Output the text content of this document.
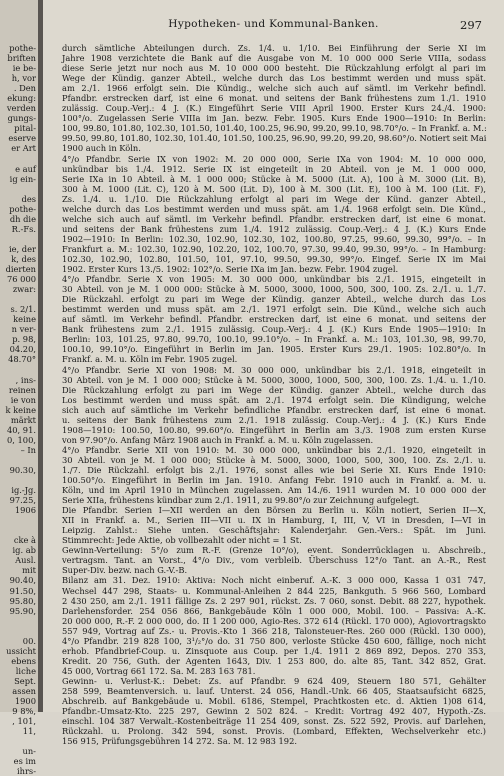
pothe-
briften
ie be-
h, vor
. Den
ekung:
verden
gungs-
pital-
eserve
er Art

e auf
ig ein-

des
pothe-
dh die
R.-Fs.

ie, der
k, des
dierten
76 000
zwar:

s. 2/1.
keine
n ver-
p. 98,
04.20,
48.70°

, ins-
reinen
ie von
k keine
märkt
40, 91.
0, 100,
– In

90.30,

ig.-Jg.
97.25,
1906

cke à
ig. ab
Ausl.
mit
90.40,
91.50,
95.80,
95.90,

00.
ussicht
ebens
liche
Sept.
assen
1900
9 8%,
, 101,
11,

un-
es im
ihrs-
Hypotheken- und Kommunal-Banken.	297
durch sämtliche Abteilungen durch. Zs. 1/4. u. 1/10. Bei Einführung der Serie XI im
Jahre 1908 verzichtete die Bank auf die Ausgabe von M. 10 000 000 Serie VIIIa, sodass
diese Serie jetzt nur noch aus M. 10 000 000 besteht. Die Rückzahlung erfolgt al pari im
Wege der Kündig. ganzer Abteil., welche durch das Los bestimmt werden und muss spät.
am 2./1. 1966 erfolgt sein. Die Kündig., welche sich auch auf sämtl. im Verkehr befindl.
Pfandbr. erstrecken darf, ist eine 6 monat. und seitens der Bank frühestens zum 1./1. 1910
zulässig. Coup.-Verj.: 4 J. (K.) Eingeführt Serie VIII April 1900. Erster Kurs 24./4. 1900:
100°/o. Zugelassen Serie VIIIa im Jan. bezw. Febr. 1905. Kurs Ende 1900—1910: In Berlin:
100, 99.80, 101.80, 102.30, 101.50, 101.40, 100.25, 96.90, 99.20, 99.10, 98.70°/o. – In Frankf. a. M.:
99.50, 99.80, 101.80, 102.30, 101.40, 101.50, 100.25, 96.90, 99.20, 99.20, 98.60°/o. Notiert seit Mai
1900 auch in Köln.
4°/o Pfandbr. Serie IX von 1902: M. 20 000 000, Serie IXa von 1904: M. 10 000 000,
unkündbar bis 1./4. 1912. Serie IX ist eingeteilt in 20 Abteil. von je M. 1 000 000,
Serie IXa in 10 Abteil. à M. 1 000 000; Stücke à M. 5000 (Lit. A), 100 à M. 3000 (Lit. B),
300 à M. 1000 (Lit. C), 120 à M. 500 (Lit. D), 100 à M. 300 (Lit. E), 100 à M. 100 (Lit. F),
Zs. 1./4. u. 1./10. Die Rückzahlung erfolgt al pari im Wege der Künd. ganzer Abteil.,
welche durch das Los bestimmt werden und muss spät. am 1./4. 1968 erfolgt sein. Die Künd.,
welche sich auch auf sämtl. im Verkehr befindl. Pfandbr. erstrecken darf, ist eine 6 monat.
und seitens der Bank frühestens zum 1./4. 1912 zulässig. Coup.-Verj.: 4 J. (K.) Kurs Ende
1902—1910: In Berlin: 102.30, 102.90, 102.30, 102, 100.80, 97.25, 99.60, 99.30, 99°/o. – In
Frankfurt a. M.: 102.30, 102.90, 102.20, 102, 100.70, 97.30, 99.40, 99.30, 99°/o. – In Hamburg:
102.30, 102.90, 102.80, 101.50, 101, 97.10, 99.50, 99.30, 99°/o. Eingef. Serie IX im Mai
1902. Erster Kurs 13./5. 1902: 102°/o. Serie IXa im Jan. bezw. Febr. 1904 zugel.
4°/o Pfandbr. Serie X von 1905: M. 30 000 000, unkündbar bis 2./1. 1915, eingeteilt in
30 Abteil. von je M. 1 000 000: Stücke à M. 5000, 3000, 1000, 500, 300, 100. Zs. 2./1. u. 1./7.
Die Rückzahl. erfolgt zu pari im Wege der Kündig. ganzer Abteil., welche durch das Los
bestimmt werden und muss spät. am 2./1. 1971 erfolgt sein. Die Künd., welche sich auch
auf sämtl. im Verkehr befindl. Pfandbr. erstrecken darf, ist eine 6 monat. und seitens der
Bank frühestens zum 2./1. 1915 zulässig. Coup.-Verj.: 4 J. (K.) Kurs Ende 1905—1910: In
Berlin: 103, 101.25, 97.80, 99.70, 100.10, 99.10°/o. – In Frankf. a. M.: 103, 101.30, 98, 99.70,
100.10, 99.10°/o. Eingeführt in Berlin im Jan. 1905. Erster Kurs 29./1. 1905: 102.80°/o. In
Frankf. a. M. u. Köln im Febr. 1905 zugel.
4°/o Pfandbr. Serie XI von 1908: M. 30 000 000, unkündbar bis 2./1. 1918, eingeteilt in
30 Abteil. von je M. 1 000 000; Stücke à M. 5000, 3000, 1000, 500, 300, 100. Zs. 1./4. u. 1./10.
Die Rückzahlung erfolgt zu pari im Wege der Kündig. ganzer Abteil., welche durch das
Los bestimmt werden und muss spät. am 2./1. 1974 erfolgt sein. Die Kündigung, welche
sich auch auf sämtliche im Verkehr befindliche Pfandbr. erstrecken darf, ist eine 6 monat.
u. seitens der Bank frühestens zum 2./1. 1918 zulässig. Coup.-Verj.: 4 J. (K.) Kurs Ende
1908—1910: 100.50, 100.80, 99.60°/o. Eingeführt in Berlin am 3./3. 1908 zum ersten Kurse
von 97.90°/o. Anfang März 1908 auch in Frankf. a. M. u. Köln zugelassen.
4°/o Pfandbr. Serie XII von 1910: M. 30 000 000, unkündbar bis 2./1. 1920, eingeteilt in
30 Abteil. von je M. 1 000 000; Stücke à M. 5000, 3000, 1000, 500, 300, 100. Zs. 2./1. u.
1./7. Die Rückzahl. erfolgt bis 2./1. 1976, sonst alles wie bei Serie XI. Kurs Ende 1910:
100.50°/o. Eingeführt in Berlin im Jan. 1910. Anfang Febr. 1910 auch in Frankf. a. M. u.
Köln, und im April 1910 in München zugelassen. Am 14./6. 1911 wurden M. 10 000 000 der
Serie XIIa, frühestens kündbar zum 2./1. 1911, zu 99.80°/o zur Zeichnung aufgelegt.
Die Pfandbr. Serien I—XII werden an den Börsen zu Berlin u. Köln notiert, Serien II—X,
XII in Frankf. a. M., Serien III—VII u. IX in Hamburg, I, III, V, VI in Dresden, I—VI in
Leipzig. Zahlst.: Siehe unten. Geschäftsjahr: Kalenderjahr. Gen.-Vers.: Spät. im Juni.
Stimmrecht: Jede Aktie, ob vollbezahlt oder nicht = 1 St.
Gewinn-Verteilung: 5°/o zum R.-F. (Grenze 10°/o), event. Sonderrücklagen u. Abschreib.,
vertragsm. Tant. an Vorst., 4°/o Div., vom verbleib. Überschuss 12°/o Tant. an A.-R., Rest
Super-Div. bezw. nach G.-V.-B.
Bilanz am 31. Dez. 1910: Aktiva: Noch nicht einberuf. A.-K. 3 000 000, Kassa 1 031 747,
Wechsel 447 298, Staats- u. Kommunal-Anleihen 2 844 225, Bankguth. 5 966 560, Lombard
2 430 250, am 2./1. 1911 fällige Zs. 2 297 901, rückst. Zs. 7 060, sonst. Debit. 88 227, hypothek.
Darlehensforder. 254 056 866, Bankgebäude Köln 1 000 000, Mobil. 100. – Passiva: A.-K.
20 000 000, R.-F. 2 000 000, do. II 1 200 000, Agio-Res. 372 614 (Rückl. 170 000), Agiovortragskto
557 949, Vortrag auf Zs.- u. Provis.-Kto 1 366 218, Talonsteuer-Res. 260 000 (Rückl. 130 000),
4°/o Pfandbr. 219 828 100, 3¹/₂°/o do. 31 750 800, verloste Stücke 450 600, fällige, noch nicht
erhob. Pfandbrief-Coup. u. Zinsquote aus Coup. per 1./4. 1911 2 869 892, Depos. 270 353,
Kredit. 20 756, Guth. der Agenten 1643, Div. 1 253 800, do. alte 85, Tant. 342 852, Grat.
45 000, Vortrag 661 172. Sa. M. 283 163 781.
Gewinn- u. Verlust-K.: Debet: Zs. auf Pfandbr. 9 624 409, Steuern 180 571, Gehälter
258 599, Beamtenversich. u. lauf. Unterst. 24 056, Handl.-Unk. 66 405, Staatsaufsicht 6825,
Abschreib. auf Bankgebäude u. Mobil. 6186, Stempel, Prachtkosten etc. d. Aktien 1)08 614,
Pfandbr.-Umsatz-Kto. 225 297, Gewinn 2 502 824. – Kredit: Vortrag 492 407, Hypoth.-Zs.
einschl. 104 387 Verwalt.-Kostenbeiträge 11 254 409, sonst. Zs. 522 592, Provis. auf Darlehen,
Rückzahl. u. Prolong. 342 594, sonst. Provis. (Lombard, Effekten, Wechselverkehr etc.)
156 915, Prüfungsgebühren 14 272. Sa. M. 12 983 192.
